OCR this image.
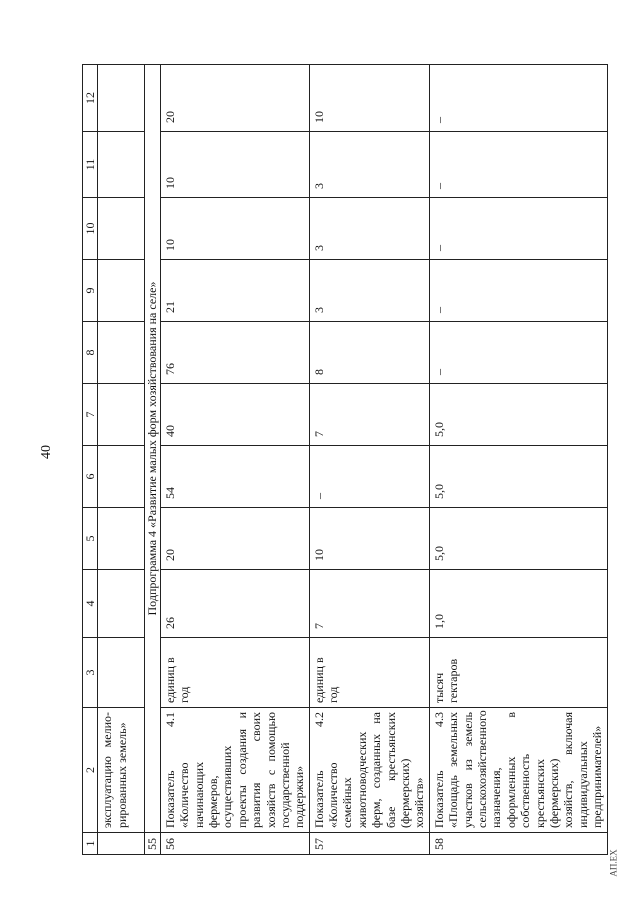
40
АП.ЕХ
1	2	3	4	5	6	7	8	9	10	11	12
	эксплуатацию мелио-рированных земель»										
55	Подпрограмма 4 «Развитие малых форм хозяйствования на селе»										
56	Показатель 4.1 «Количество начинающих фермеров, осуществивших проекты создания и развития своих хозяйств с помощью государственной поддержки»	единиц в год	26	20	54	40	76	21	10	10	20
57	Показатель 4.2 «Количество семейных животноводческих ферм, созданных на базе крестьянских (фермерских) хозяйств»	единиц в год	7	10	–	7	8	3	3	3	10
58	Показатель 4.3 «Площадь земельных участков из земель сельскохозяйственного назначения, оформленных в собственность крестьянских (фермерских) хозяйств, включая индивидуальных предпринимателей»	тысяч гектаров	1,0	5,0	5,0	5,0	–	–	–	–	–
